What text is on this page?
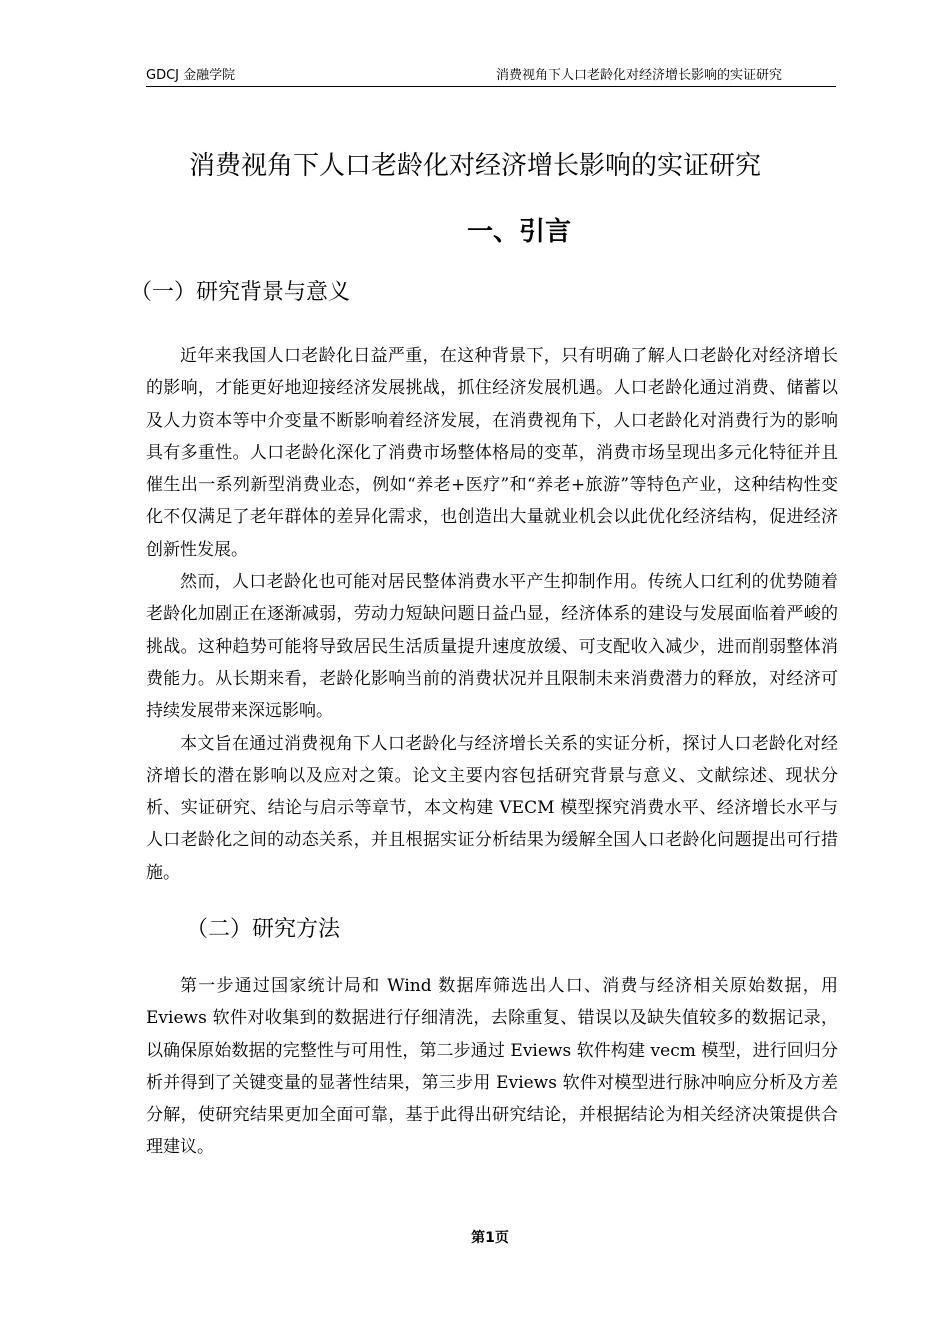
GDCJ 金融学院	消费视角下人口老龄化对经济增长影响的实证研究
消费视角下人口老龄化对经济增长影响的实证研究
一、引言
（一）研究背景与意义

近年来我国人口老龄化日益严重，在这种背景下，只有明确了解人口老龄化对经济增长的影响，才能更好地迎接经济发展挑战，抓住经济发展机遇。人口老龄化通过消费、储蓄以及人力资本等中介变量不断影响着经济发展，在消费视角下，人口老龄化对消费行为的影响具有多重性。人口老龄化深化了消费市场整体格局的变革，消费市场呈现出多元化特征并且催生出一系列新型消费业态，例如“养老+医疗”和“养老+旅游”等特色产业，这种结构性变化不仅满足了老年群体的差异化需求，也创造出大量就业机会以此优化经济结构，促进经济创新性发展。

然而，人口老龄化也可能对居民整体消费水平产生抑制作用。传统人口红利的优势随着老龄化加剧正在逐渐减弱，劳动力短缺问题日益凸显，经济体系的建设与发展面临着严峻的挑战。这种趋势可能将导致居民生活质量提升速度放缓、可支配收入减少，进而削弱整体消费能力。从长期来看，老龄化影响当前的消费状况并且限制未来消费潜力的释放，对经济可持续发展带来深远影响。

本文旨在通过消费视角下人口老龄化与经济增长关系的实证分析，探讨人口老龄化对经济增长的潜在影响以及应对之策。论文主要内容包括研究背景与意义、文献综述、现状分析、实证研究、结论与启示等章节，本文构建 VECM 模型探究消费水平、经济增长水平与人口老龄化之间的动态关系，并且根据实证分析结果为缓解全国人口老龄化问题提出可行措施。

（二）研究方法

第一步通过国家统计局和 Wind 数据库筛选出人口、消费与经济相关原始数据，用 Eviews 软件对收集到的数据进行仔细清洗，去除重复、错误以及缺失值较多的数据记录，以确保原始数据的完整性与可用性，第二步通过 Eviews 软件构建 vecm 模型，进行回归分析并得到了关键变量的显著性结果，第三步用 Eviews 软件对模型进行脉冲响应分析及方差分解，使研究结果更加全面可靠，基于此得出研究结论，并根据结论为相关经济决策提供合理建议。

第1页
